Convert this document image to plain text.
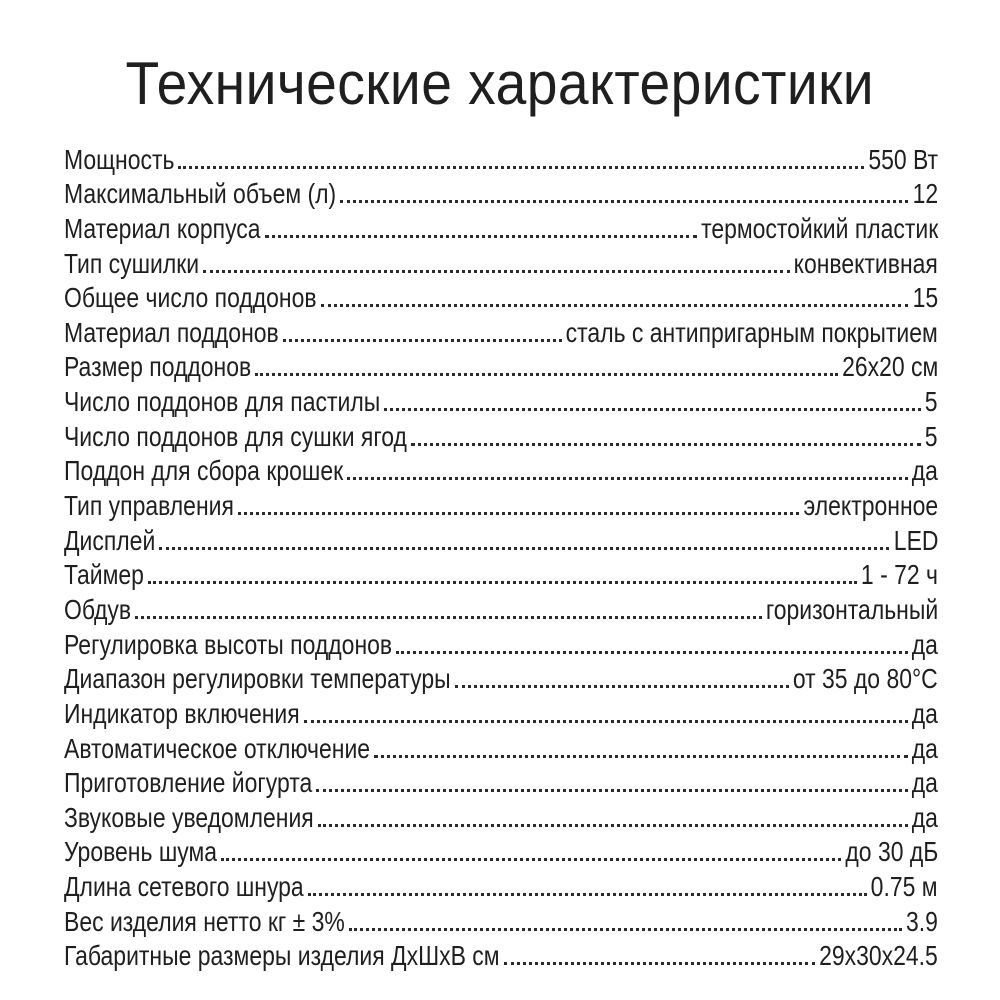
Технические характеристики
Мощность	550 Вт
Максимальный объем (л)	12
Материал корпуса	термостойкий пластик
Тип сушилки	конвективная
Общее число поддонов	15
Материал поддонов	сталь с антипригарным покрытием
Размер поддонов	26x20 см
Число поддонов для пастилы	5
Число поддонов для сушки ягод	5
Поддон для сбора крошек	да
Тип управления	электронное
Дисплей	LED
Таймер	1 - 72 ч
Обдув	горизонтальный
Регулировка высоты поддонов	да
Диапазон регулировки температуры	от 35 до 80°C
Индикатор включения	да
Автоматическое отключение	да
Приготовление йогурта	да
Звуковые уведомления	да
Уровень шума	до 30 дБ
Длина сетевого шнура	0.75 м
Вес изделия нетто кг ± 3%	3.9
Габаритные размеры изделия ДхШхВ см	29x30x24.5
